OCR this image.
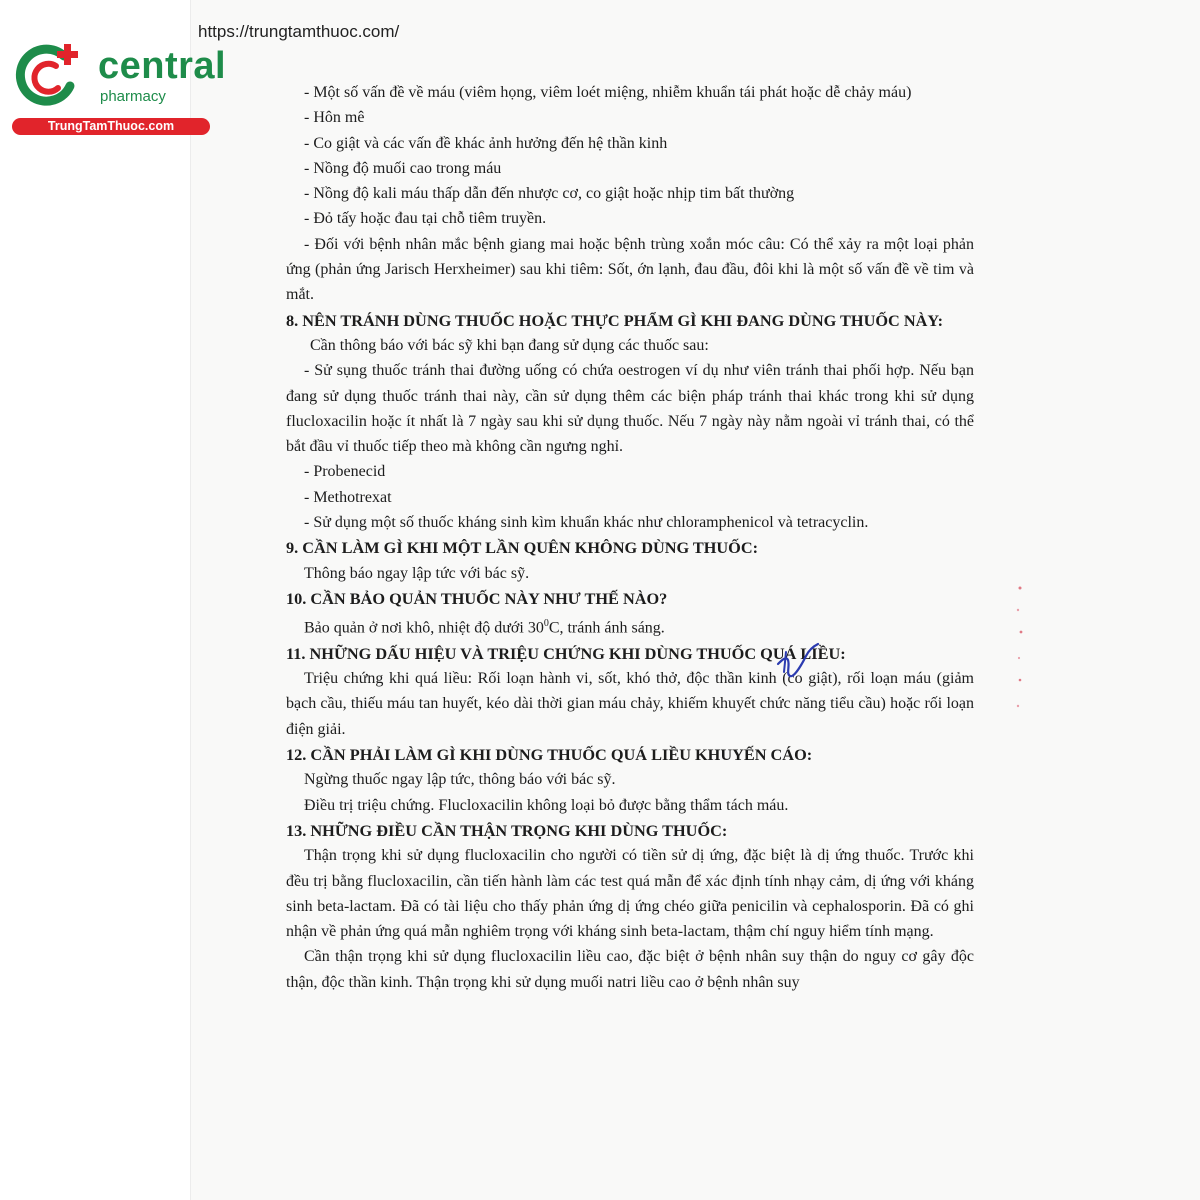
https://trungtamthuoc.com/
central
pharmacy
TrungTamThuoc.com

- Một số vấn đề về máu (viêm họng, viêm loét miệng, nhiễm khuẩn tái phát hoặc dễ chảy máu)

- Hôn mê

- Co giật và các vấn đề khác ảnh hưởng đến hệ thần kinh

- Nồng độ muối cao trong máu

- Nồng độ kali máu thấp dẫn đến nhược cơ, co giật hoặc nhịp tim bất thường

- Đỏ tấy hoặc đau tại chỗ tiêm truyền.

- Đối với bệnh nhân mắc bệnh giang mai hoặc bệnh trùng xoắn móc câu: Có thể xảy ra một loại phản ứng (phản ứng Jarisch Herxheimer) sau khi tiêm: Sốt, ớn lạnh, đau đầu, đôi khi là một số vấn đề về tim và mắt.

8. NÊN TRÁNH DÙNG THUỐC HOẶC THỰC PHẨM GÌ KHI ĐANG DÙNG THUỐC NÀY:

Cần thông báo với bác sỹ khi bạn đang sử dụng các thuốc sau:

- Sử sụng thuốc tránh thai đường uống có chứa oestrogen ví dụ như viên tránh thai phối hợp. Nếu bạn đang sử dụng thuốc tránh thai này, cần sử dụng thêm các biện pháp tránh thai khác trong khi sử dụng flucloxacilin hoặc ít nhất là 7 ngày sau khi sử dụng thuốc. Nếu 7 ngày này nằm ngoài vỉ tránh thai, có thể bắt đầu vỉ thuốc tiếp theo mà không cần ngưng nghỉ.

- Probenecid

- Methotrexat

- Sử dụng một số thuốc kháng sinh kìm khuẩn khác như chloramphenicol và tetracyclin.

9. CẦN LÀM GÌ KHI MỘT LẦN QUÊN KHÔNG DÙNG THUỐC:

Thông báo ngay lập tức với bác sỹ.

10. CẦN BẢO QUẢN THUỐC NÀY NHƯ THẾ NÀO?

Bảo quản ở nơi khô, nhiệt độ dưới $30^0C$, tránh ánh sáng.

11. NHỮNG DẤU HIỆU VÀ TRIỆU CHỨNG KHI DÙNG THUỐC QUÁ LIỀU:

Triệu chứng khi quá liều: Rối loạn hành vi, sốt, khó thở, độc thần kinh (co giật), rối loạn máu (giảm bạch cầu, thiếu máu tan huyết, kéo dài thời gian máu chảy, khiếm khuyết chức năng tiểu cầu) hoặc rối loạn điện giải.

12. CẦN PHẢI LÀM GÌ KHI DÙNG THUỐC QUÁ LIỀU KHUYẾN CÁO:

Ngừng thuốc ngay lập tức, thông báo với bác sỹ.

Điều trị triệu chứng. Flucloxacilin không loại bỏ được bằng thẩm tách máu.

13. NHỮNG ĐIỀU CẦN THẬN TRỌNG KHI DÙNG THUỐC:

Thận trọng khi sử dụng flucloxacilin cho người có tiền sử dị ứng, đặc biệt là dị ứng thuốc. Trước khi đều trị bằng flucloxacilin, cần tiến hành làm các test quá mẫn để xác định tính nhạy cảm, dị ứng với kháng sinh beta-lactam. Đã có tài liệu cho thấy phản ứng dị ứng chéo giữa penicilin và cephalosporin. Đã có ghi nhận về phản ứng quá mẫn nghiêm trọng với kháng sinh beta-lactam, thậm chí nguy hiểm tính mạng.

Cần thận trọng khi sử dụng flucloxacilin liều cao, đặc biệt ở bệnh nhân suy thận do nguy cơ gây độc thận, độc thần kinh. Thận trọng khi sử dụng muối natri liều cao ở bệnh nhân suy
